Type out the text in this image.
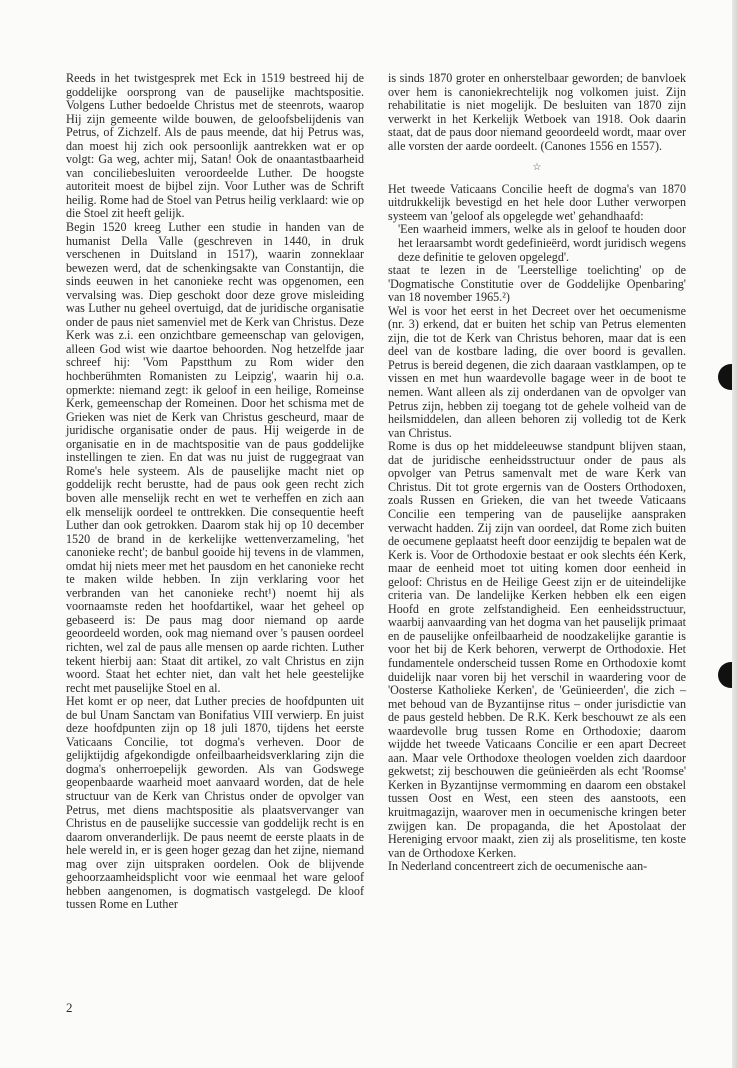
Reeds in het twistgesprek met Eck in 1519 bestreed hij de goddelijke oorsprong van de pauselijke machtspositie. Volgens Luther bedoelde Christus met de steenrots, waarop Hij zijn gemeente wilde bouwen, de geloofsbelijdenis van Petrus, of Zichzelf. Als de paus meende, dat hij Petrus was, dan moest hij zich ook persoonlijk aantrekken wat er op volgt: Ga weg, achter mij, Satan! Ook de onaantastbaarheid van conciliebesluiten veroordeelde Luther. De hoogste autoriteit moest de bijbel zijn. Voor Luther was de Schrift heilig. Rome had de Stoel van Petrus heilig verklaard: wie op die Stoel zit heeft gelijk.

Begin 1520 kreeg Luther een studie in handen van de humanist Della Valle (geschreven in 1440, in druk verschenen in Duitsland in 1517), waarin zonneklaar bewezen werd, dat de schenkingsakte van Constantijn, die sinds eeuwen in het canonieke recht was opgenomen, een vervalsing was. Diep geschokt door deze grove misleiding was Luther nu geheel overtuigd, dat de juridische organisatie onder de paus niet samenviel met de Kerk van Christus. Deze Kerk was z.i. een onzichtbare gemeenschap van gelovigen, alleen God wist wie daartoe behoorden. Nog hetzelfde jaar schreef hij: 'Vom Papstthum zu Rom wider den hochberühmten Romanisten zu Leipzig', waarin hij o.a. opmerkte: niemand zegt: ik geloof in een heilige, Romeinse Kerk, gemeenschap der Romeinen. Door het schisma met de Grieken was niet de Kerk van Christus gescheurd, maar de juridische organisatie onder de paus. Hij weigerde in de organisatie en in de machtspositie van de paus goddelijke instellingen te zien. En dat was nu juist de ruggegraat van Rome's hele systeem. Als de pauselijke macht niet op goddelijk recht berustte, had de paus ook geen recht zich boven alle menselijk recht en wet te verheffen en zich aan elk menselijk oordeel te onttrekken. Die consequentie heeft Luther dan ook getrokken. Daarom stak hij op 10 december 1520 de brand in de kerkelijke wettenverzameling, 'het canonieke recht'; de banbul gooide hij tevens in de vlammen, omdat hij niets meer met het pausdom en het canonieke recht te maken wilde hebben. In zijn verklaring voor het verbranden van het canonieke recht¹) noemt hij als voornaamste reden het hoofdartikel, waar het geheel op gebaseerd is: De paus mag door niemand op aarde geoordeeld worden, ook mag niemand over 's pausen oordeel richten, wel zal de paus alle mensen op aarde richten. Luther tekent hierbij aan: Staat dit artikel, zo valt Christus en zijn woord. Staat het echter niet, dan valt het hele geestelijke recht met pauselijke Stoel en al.

Het komt er op neer, dat Luther precies de hoofdpunten uit de bul Unam Sanctam van Bonifatius VIII verwierp. En juist deze hoofdpunten zijn op 18 juli 1870, tijdens het eerste Vaticaans Concilie, tot dogma's verheven. Door de gelijktijdig afgekondigde onfeilbaarheidsverklaring zijn die dogma's onherroepelijk geworden. Als van Godswege geopenbaarde waarheid moet aanvaard worden, dat de hele structuur van de Kerk van Christus onder de opvolger van Petrus, met diens machtspositie als plaatsvervanger van Christus en de pauselijke successie van goddelijk recht is en daarom onveranderlijk. De paus neemt de eerste plaats in de hele wereld in, er is geen hoger gezag dan het zijne, niemand mag over zijn uitspraken oordelen. Ook de blijvende gehoorzaamheidsplicht voor wie eenmaal het ware geloof hebben aangenomen, is dogmatisch vastgelegd. De kloof tussen Rome en Luther

is sinds 1870 groter en onherstelbaar geworden; de banvloek over hem is canoniekrechtelijk nog volkomen juist. Zijn rehabilitatie is niet mogelijk. De besluiten van 1870 zijn verwerkt in het Kerkelijk Wetboek van 1918. Ook daarin staat, dat de paus door niemand geoordeeld wordt, maar over alle vorsten der aarde oordeelt. (Canones 1556 en 1557).

☆

Het tweede Vaticaans Concilie heeft de dogma's van 1870 uitdrukkelijk bevestigd en het hele door Luther verworpen systeem van 'geloof als opgelegde wet' gehandhaafd:

'Een waarheid immers, welke als in geloof te houden door het leraarsambt wordt gedefinieërd, wordt juridisch wegens deze definitie te geloven opgelegd'.

staat te lezen in de 'Leerstellige toelichting' op de 'Dogmatische Constitutie over de Goddelijke Openbaring' van 18 november 1965.²)

Wel is voor het eerst in het Decreet over het oecumenisme (nr. 3) erkend, dat er buiten het schip van Petrus elementen zijn, die tot de Kerk van Christus behoren, maar dat is een deel van de kostbare lading, die over boord is gevallen. Petrus is bereid degenen, die zich daaraan vastklampen, op te vissen en met hun waardevolle bagage weer in de boot te nemen. Want alleen als zij onderdanen van de opvolger van Petrus zijn, hebben zij toegang tot de gehele volheid van de heilsmiddelen, dan alleen behoren zij volledig tot de Kerk van Christus.

Rome is dus op het middeleeuwse standpunt blijven staan, dat de juridische eenheidsstructuur onder de paus als opvolger van Petrus samenvalt met de ware Kerk van Christus. Dit tot grote ergernis van de Oosters Orthodoxen, zoals Russen en Grieken, die van het tweede Vaticaans Concilie een tempering van de pauselijke aanspraken verwacht hadden. Zij zijn van oordeel, dat Rome zich buiten de oecumene geplaatst heeft door eenzijdig te bepalen wat de Kerk is. Voor de Orthodoxie bestaat er ook slechts één Kerk, maar de eenheid moet tot uiting komen door eenheid in geloof: Christus en de Heilige Geest zijn er de uiteindelijke criteria van. De landelijke Kerken hebben elk een eigen Hoofd en grote zelfstandigheid. Een eenheidsstructuur, waarbij aanvaarding van het dogma van het pauselijk primaat en de pauselijke onfeilbaarheid de noodzakelijke garantie is voor het bij de Kerk behoren, verwerpt de Orthodoxie. Het fundamentele onderscheid tussen Rome en Orthodoxie komt duidelijk naar voren bij het verschil in waardering voor de 'Oosterse Katholieke Kerken', de 'Geünieerden', die zich – met behoud van de Byzantijnse ritus – onder jurisdictie van de paus gesteld hebben. De R.K. Kerk beschouwt ze als een waardevolle brug tussen Rome en Orthodoxie; daarom wijdde het tweede Vaticaans Concilie er een apart Decreet aan. Maar vele Orthodoxe theologen voelden zich daardoor gekwetst; zij beschouwen die geünieërden als echt 'Roomse' Kerken in Byzantijnse vermomming en daarom een obstakel tussen Oost en West, een steen des aanstoots, een kruitmagazijn, waarover men in oecumenische kringen beter zwijgen kan. De propaganda, die het Apostolaat der Hereniging ervoor maakt, zien zij als proselitisme, ten koste van de Orthodoxe Kerken.

In Nederland concentreert zich de oecumenische aan-

2
